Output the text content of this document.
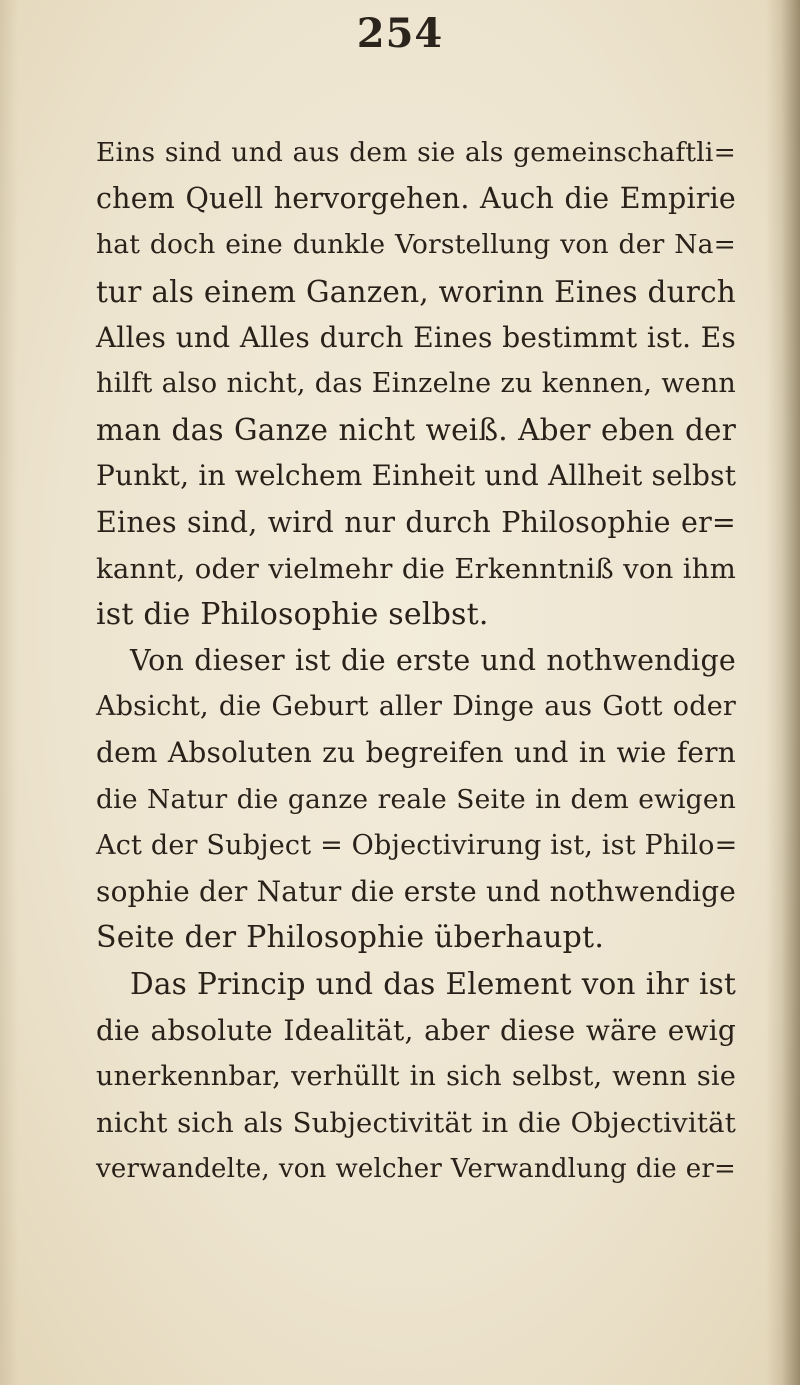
254
Eins sind und aus dem sie als gemeinschaftli=
chem Quell hervorgehen. Auch die Empirie
hat doch eine dunkle Vorstellung von der Na=
tur als einem Ganzen, worinn Eines durch
Alles und Alles durch Eines bestimmt ist. Es
hilft also nicht, das Einzelne zu kennen, wenn
man das Ganze nicht weiß. Aber eben der
Punkt, in welchem Einheit und Allheit selbst
Eines sind, wird nur durch Philosophie er=
kannt, oder vielmehr die Erkenntniß von ihm
ist die Philosophie selbst.
Von dieser ist die erste und nothwendige
Absicht, die Geburt aller Dinge aus Gott oder
dem Absoluten zu begreifen und in wie fern
die Natur die ganze reale Seite in dem ewigen
Act der Subject = Objectivirung ist, ist Philo=
sophie der Natur die erste und nothwendige
Seite der Philosophie überhaupt.
Das Princip und das Element von ihr ist
die absolute Idealität, aber diese wäre ewig
unerkennbar, verhüllt in sich selbst, wenn sie
nicht sich als Subjectivität in die Objectivität
verwandelte, von welcher Verwandlung die er=
